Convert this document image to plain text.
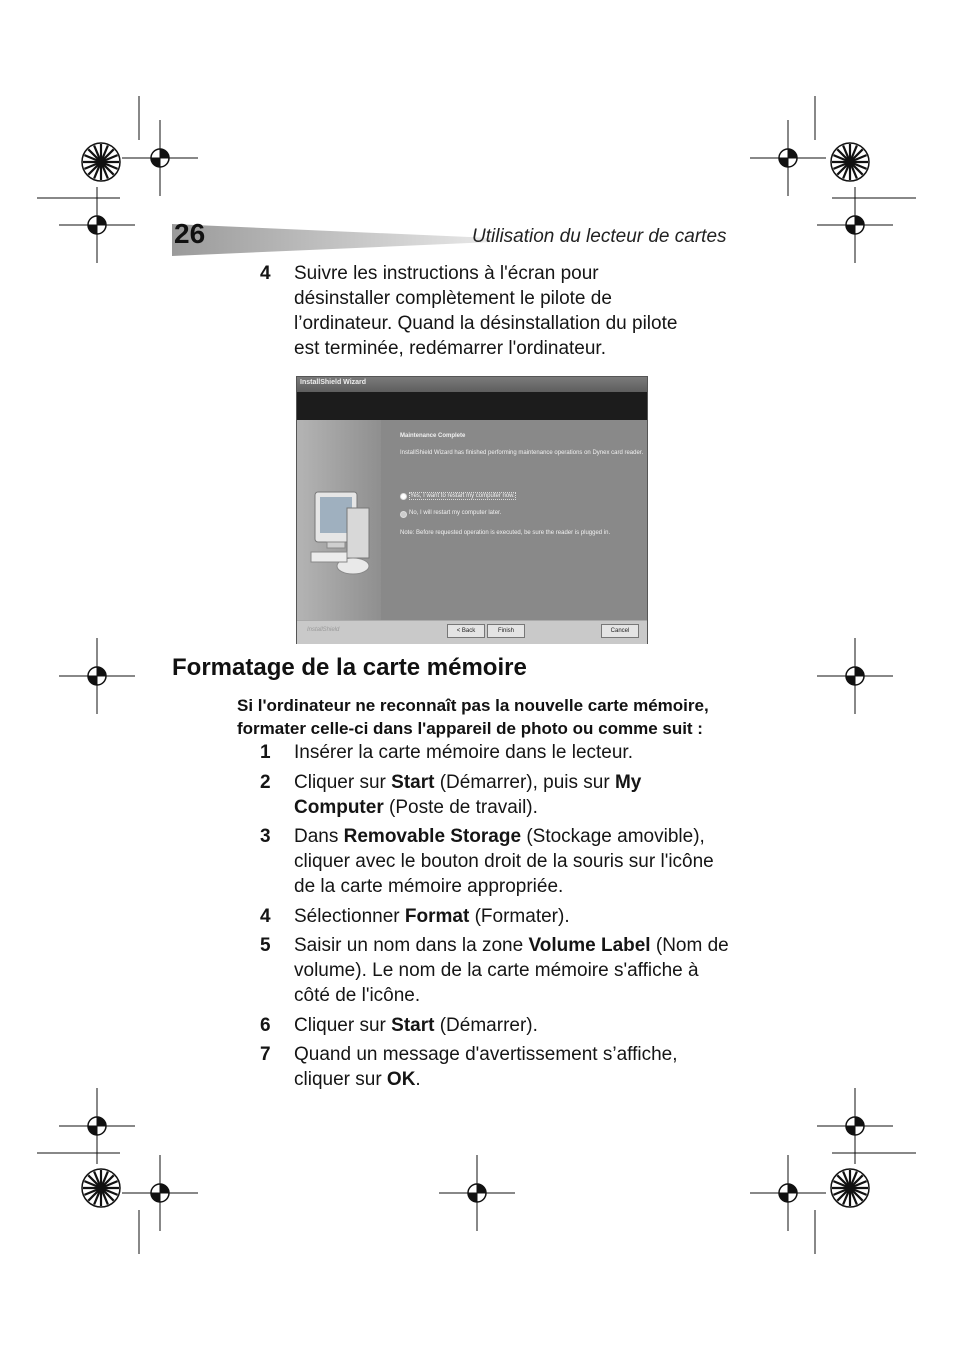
26	Utilisation du lecteur de cartes
4	Suivre les instructions à l'écran pour désinstaller complètement le pilote de l’ordinateur. Quand la désinstallation du pilote est terminée, redémarrer l'ordinateur.
InstallShield Wizard
Maintenance Complete
InstallShield Wizard has finished performing maintenance operations on Dynex card reader.
Yes, I want to restart my computer now.
No, I will restart my computer later.
Note: Before requested operation is executed, be sure the reader is plugged in.
InstallShield	< Back	Finish	Cancel
Formatage de la carte mémoire
Si l'ordinateur ne reconnaît pas la nouvelle carte mémoire, formater celle-ci dans l'appareil de photo ou comme suit :
1	Insérer la carte mémoire dans le lecteur.
2	Cliquer sur Start (Démarrer), puis sur My Computer (Poste de travail).
3	Dans Removable Storage (Stockage amovible), cliquer avec le bouton droit de la souris sur l'icône de la carte mémoire appropriée.
4	Sélectionner Format (Formater).
5	Saisir un nom dans la zone Volume Label (Nom de volume). Le nom de la carte mémoire s'affiche à côté de l'icône.
6	Cliquer sur Start (Démarrer).
7	Quand un message d'avertissement s’affiche, cliquer sur OK.
